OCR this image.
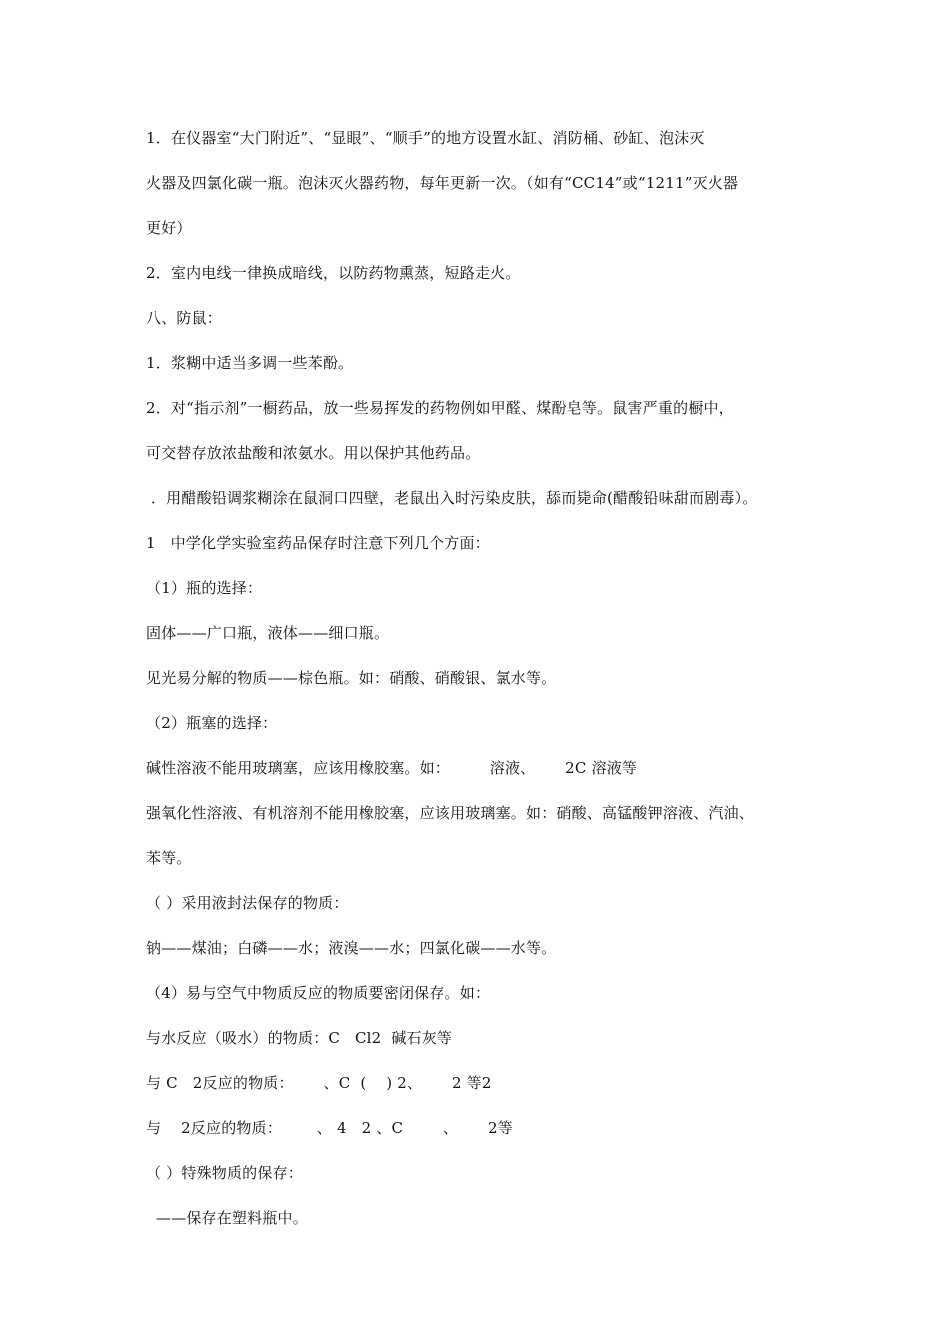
1．在仪器室“大门附近”、“显眼”、“顺手”的地方设置水缸、消防桶、砂缸、泡沫灭
火器及四氯化碳一瓶。泡沫灭火器药物，每年更新一次。（如有“CC14”或“1211”灭火器
更好）
2．室内电线一律换成暗线，以防药物熏蒸，短路走火。
八、防鼠：
1．浆糊中适当多调一些苯酚。
2．对“指示剂”一橱药品，放一些易挥发的药物例如甲醛、煤酚皂等。鼠害严重的橱中，
可交替存放浓盐酸和浓氨水。用以保护其他药品。
．用醋酸铅调浆糊涂在鼠洞口四壁，老鼠出入时污染皮肤，舔而毙命(醋酸铅味甜而剧毒）。
1   中学化学实验室药品保存时注意下列几个方面：
（1）瓶的选择：
固体——广口瓶，液体——细口瓶。
见光易分解的物质——棕色瓶。如：硝酸、硝酸银、氯水等。
（2）瓶塞的选择：
碱性溶液不能用玻璃塞，应该用橡胶塞。如：        溶液、      2C 溶液等
强氧化性溶液、有机溶剂不能用橡胶塞，应该用玻璃塞。如：硝酸、高锰酸钾溶液、汽油、
苯等。
（ ）采用液封法保存的物质：
钠——煤油；白磷——水；液溴——水；四氯化碳——水等。
（4）易与空气中物质反应的物质要密闭保存。如：
与水反应（吸水）的物质：C   Cl2  碱石灰等
与 C   2反应的物质：      、C  (    ) 2、      2 等2
与    2反应的物质：       、 4   2 、C        、      2等
（ ）特殊物质的保存：
——保存在塑料瓶中。
